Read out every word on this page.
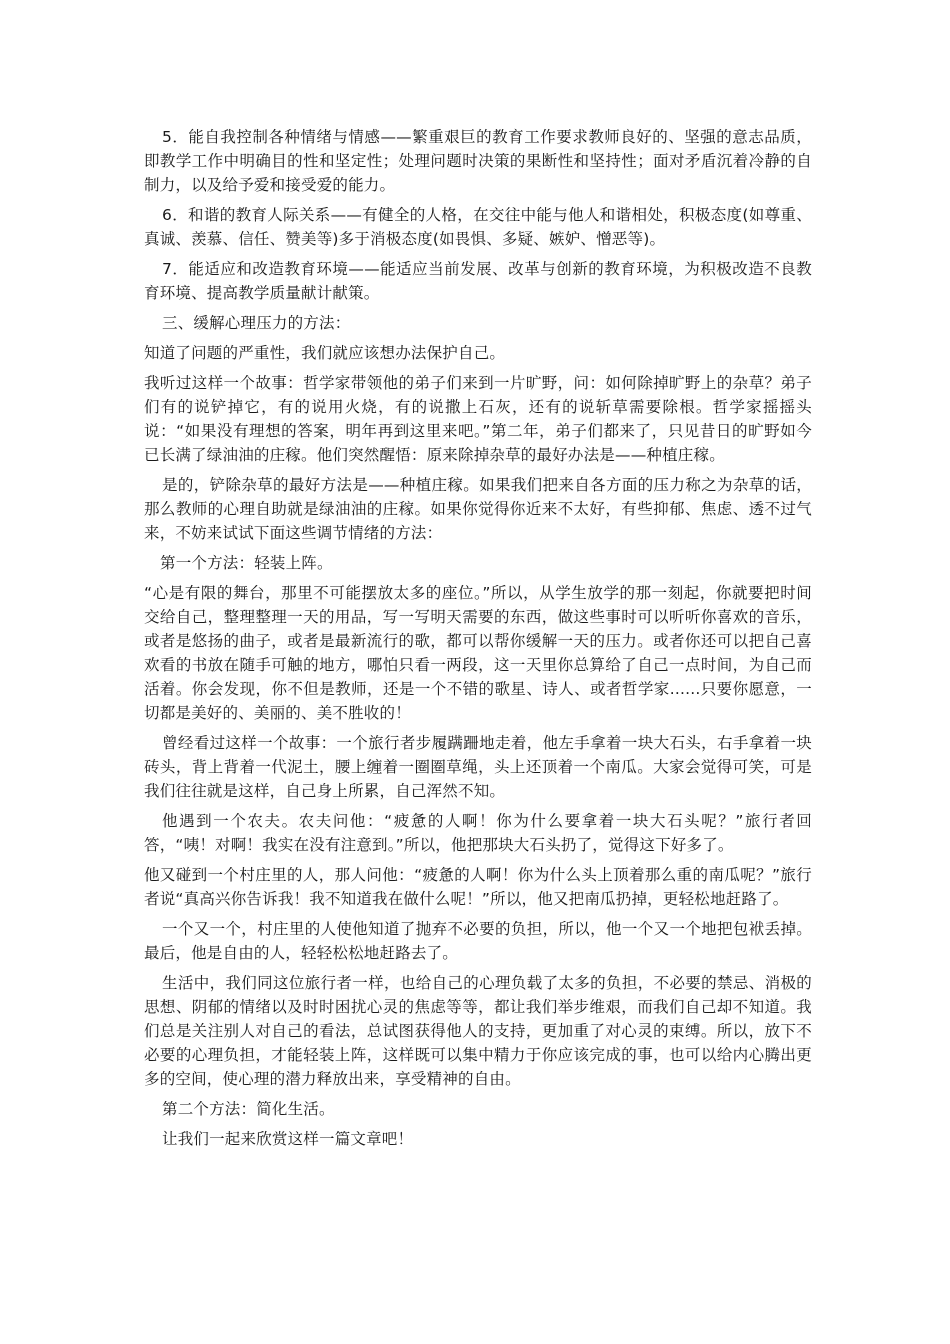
5．能自我控制各种情绪与情感——繁重艰巨的教育工作要求教师良好的、坚强的意志品质，即教学工作中明确目的性和坚定性；处理问题时决策的果断性和坚持性；面对矛盾沉着冷静的自制力，以及给予爱和接受爱的能力。

6．和谐的教育人际关系——有健全的人格，在交往中能与他人和谐相处，积极态度(如尊重、真诚、羡慕、信任、赞美等)多于消极态度(如畏惧、多疑、嫉妒、憎恶等)。

7．能适应和改造教育环境——能适应当前发展、改革与创新的教育环境，为积极改造不良教育环境、提高教学质量献计献策。

三、缓解心理压力的方法：

知道了问题的严重性，我们就应该想办法保护自己。

我听过这样一个故事：哲学家带领他的弟子们来到一片旷野，问：如何除掉旷野上的杂草？弟子们有的说铲掉它，有的说用火烧，有的说撒上石灰，还有的说斩草需要除根。哲学家摇摇头说：“如果没有理想的答案，明年再到这里来吧。”第二年，弟子们都来了，只见昔日的旷野如今已长满了绿油油的庄稼。他们突然醒悟：原来除掉杂草的最好办法是——种植庄稼。

是的，铲除杂草的最好方法是——种植庄稼。如果我们把来自各方面的压力称之为杂草的话，那么教师的心理自助就是绿油油的庄稼。如果你觉得你近来不太好，有些抑郁、焦虑、透不过气来，不妨来试试下面这些调节情绪的方法：

第一个方法：轻装上阵。

“心是有限的舞台，那里不可能摆放太多的座位。”所以，从学生放学的那一刻起，你就要把时间交给自己，整理整理一天的用品，写一写明天需要的东西，做这些事时可以听听你喜欢的音乐，或者是悠扬的曲子，或者是最新流行的歌，都可以帮你缓解一天的压力。或者你还可以把自己喜欢看的书放在随手可触的地方，哪怕只看一两段，这一天里你总算给了自己一点时间，为自己而活着。你会发现，你不但是教师，还是一个不错的歌星、诗人、或者哲学家......只要你愿意，一切都是美好的、美丽的、美不胜收的！

曾经看过这样一个故事：一个旅行者步履蹒跚地走着，他左手拿着一块大石头，右手拿着一块砖头，背上背着一代泥土，腰上缠着一圈圈草绳，头上还顶着一个南瓜。大家会觉得可笑，可是我们往往就是这样，自己身上所累，自己浑然不知。

他遇到一个农夫。农夫问他：“疲惫的人啊！你为什么要拿着一块大石头呢？”旅行者回答，“咦！对啊！我实在没有注意到。”所以，他把那块大石头扔了，觉得这下好多了。

他又碰到一个村庄里的人，那人问他：“疲惫的人啊！你为什么头上顶着那么重的南瓜呢？”旅行者说“真高兴你告诉我！我不知道我在做什么呢！”所以，他又把南瓜扔掉，更轻松地赶路了。

一个又一个，村庄里的人使他知道了抛弃不必要的负担，所以，他一个又一个地把包袱丢掉。最后，他是自由的人，轻轻松松地赶路去了。

生活中，我们同这位旅行者一样，也给自己的心理负载了太多的负担，不必要的禁忌、消极的思想、阴郁的情绪以及时时困扰心灵的焦虑等等，都让我们举步维艰，而我们自己却不知道。我们总是关注别人对自己的看法，总试图获得他人的支持，更加重了对心灵的束缚。所以，放下不必要的心理负担，才能轻装上阵，这样既可以集中精力于你应该完成的事，也可以给内心腾出更多的空间，使心理的潜力释放出来，享受精神的自由。

第二个方法：简化生活。

让我们一起来欣赏这样一篇文章吧！
